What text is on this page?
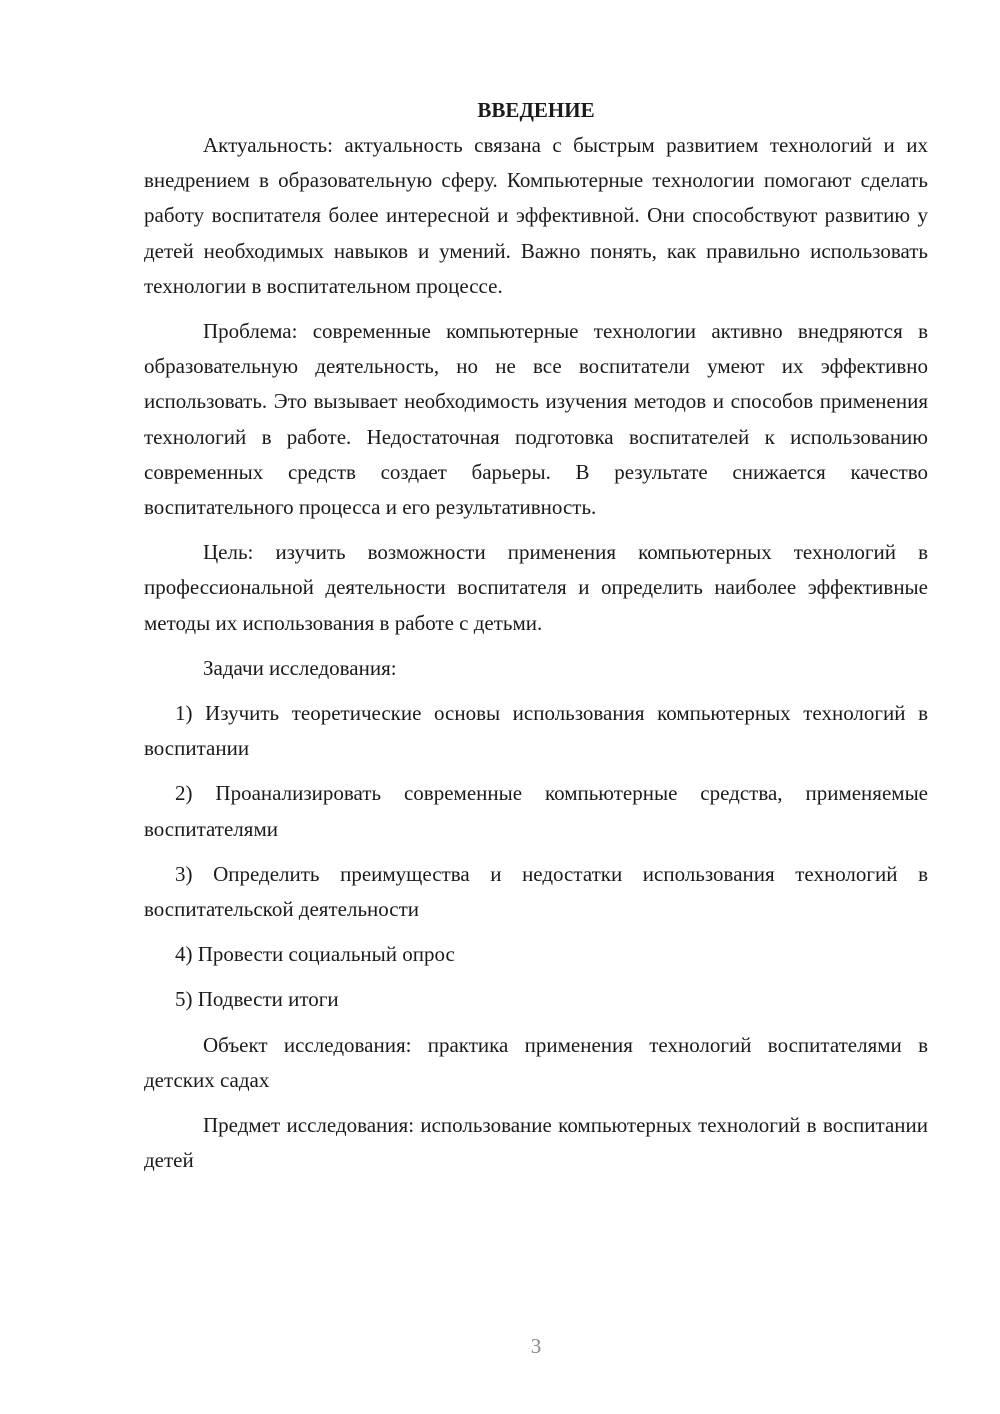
ВВЕДЕНИЕ

Актуальность: актуальность связана с быстрым развитием технологий и их внедрением в образовательную сферу. Компьютерные технологии помогают сделать работу воспитателя более интересной и эффективной. Они способствуют развитию у детей необходимых навыков и умений. Важно понять, как правильно использовать технологии в воспитательном процессе.

Проблема: современные компьютерные технологии активно внедряются в образовательную деятельность, но не все воспитатели умеют их эффективно использовать. Это вызывает необходимость изучения методов и способов применения технологий в работе. Недостаточная подготовка воспитателей к использованию современных средств создает барьеры. В результате снижается качество воспитательного процесса и его результативность.

Цель: изучить возможности применения компьютерных технологий в профессиональной деятельности воспитателя и определить наиболее эффективные методы их использования в работе с детьми.

Задачи исследования:

1) Изучить теоретические основы использования компьютерных технологий в воспитании

2) Проанализировать современные компьютерные средства, применяемые воспитателями

3) Определить преимущества и недостатки использования технологий в воспитательской деятельности

4) Провести социальный опрос

5) Подвести итоги

Объект исследования: практика применения технологий воспитателями в детских садах

Предмет исследования: использование компьютерных технологий в воспитании детей

3
